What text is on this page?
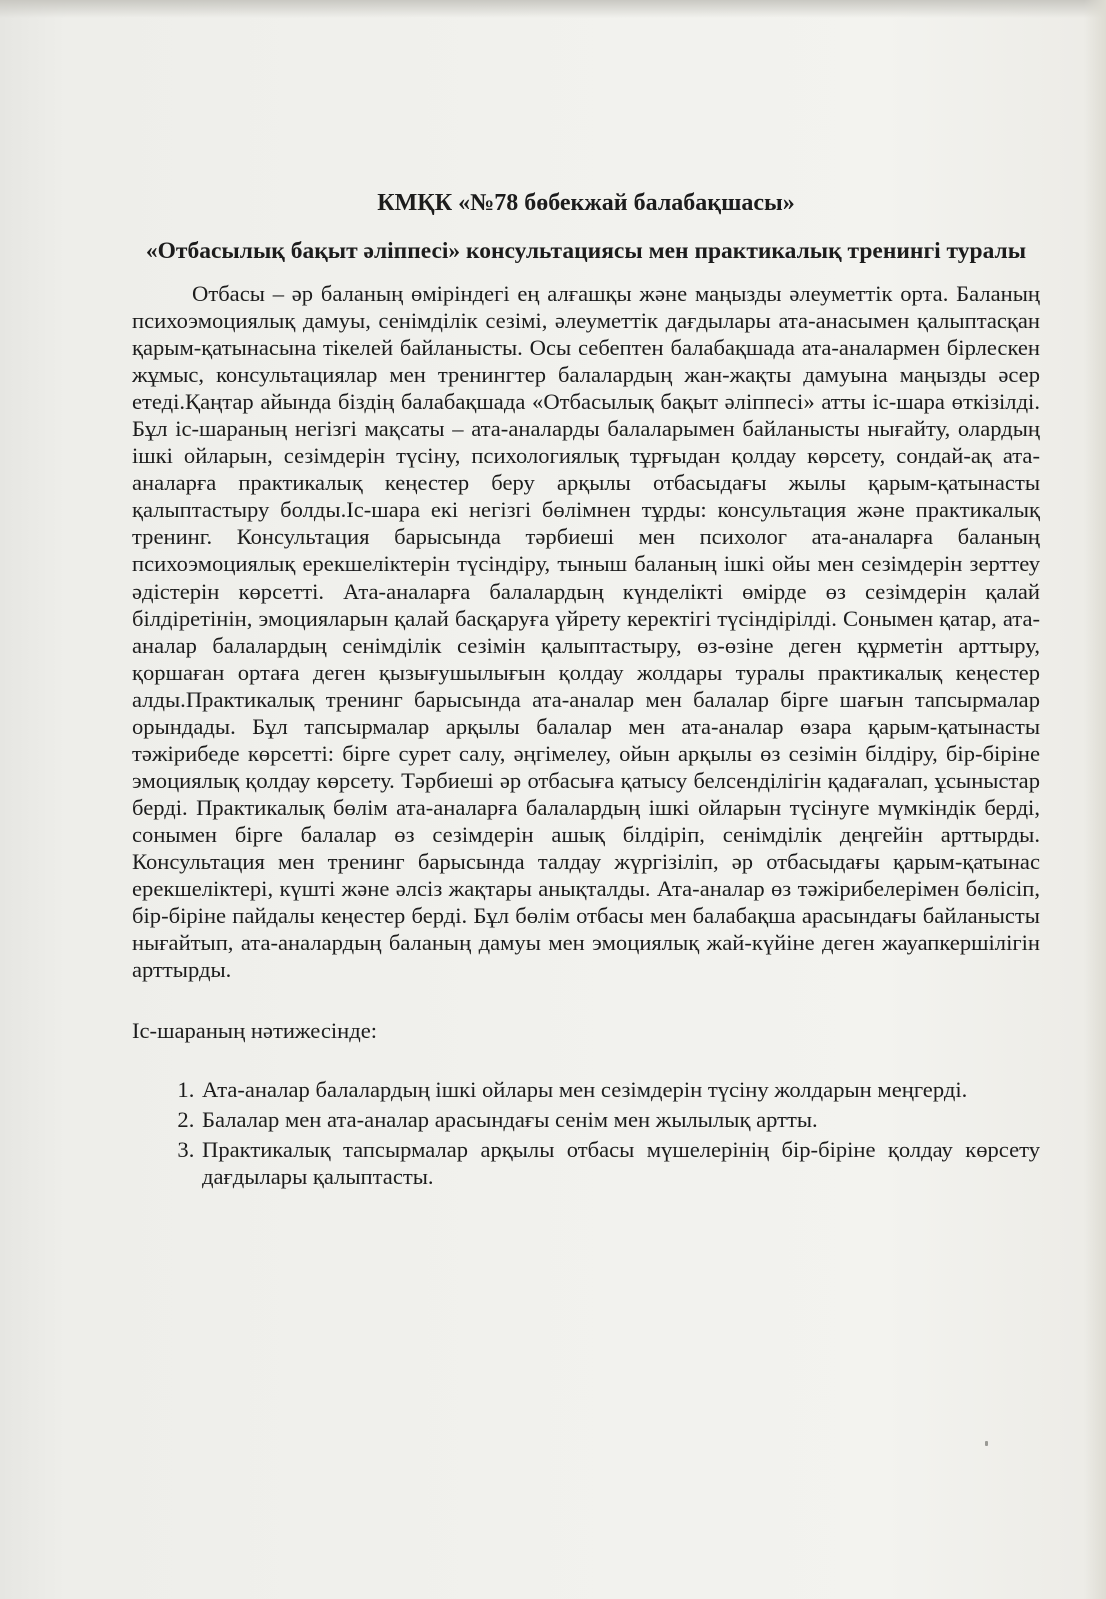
КМҚК «№78 бөбекжай балабақшасы»
«Отбасылық бақыт әліппесі» консультациясы мен практикалық тренингі туралы

Отбасы – әр баланың өміріндегі ең алғашқы және маңызды әлеуметтік орта. Баланың психоэмоциялық дамуы, сенімділік сезімі, әлеуметтік дағдылары ата-анасымен қалыптасқан қарым-қатынасына тікелей байланысты. Осы себептен балабақшада ата-аналармен бірлескен жұмыс, консультациялар мен тренингтер балалардың жан-жақты дамуына маңызды әсер етеді.Қаңтар айында біздің балабақшада «Отбасылық бақыт әліппесі» атты іс-шара өткізілді. Бұл іс-шараның негізгі мақсаты – ата-аналарды балаларымен байланысты нығайту, олардың ішкі ойларын, сезімдерін түсіну, психологиялық тұрғыдан қолдау көрсету, сондай-ақ ата-аналарға практикалық кеңестер беру арқылы отбасыдағы жылы қарым-қатынасты қалыптастыру болды.Іс-шара екі негізгі бөлімнен тұрды: консультация және практикалық тренинг. Консультация барысында тәрбиеші мен психолог ата-аналарға баланың психоэмоциялық ерекшеліктерін түсіндіру, тыныш баланың ішкі ойы мен сезімдерін зерттеу әдістерін көрсетті. Ата-аналарға балалардың күнделікті өмірде өз сезімдерін қалай білдіретінін, эмоцияларын қалай басқаруға үйрету керектігі түсіндірілді. Сонымен қатар, ата-аналар балалардың сенімділік сезімін қалыптастыру, өз-өзіне деген құрметін арттыру, қоршаған ортаға деген қызығушылығын қолдау жолдары туралы практикалық кеңестер алды.Практикалық тренинг барысында ата-аналар мен балалар бірге шағын тапсырмалар орындады. Бұл тапсырмалар арқылы балалар мен ата-аналар өзара қарым-қатынасты тәжірибеде көрсетті: бірге сурет салу, әңгімелеу, ойын арқылы өз сезімін білдіру, бір-біріне эмоциялық қолдау көрсету. Тәрбиеші әр отбасыға қатысу белсенділігін қадағалап, ұсыныстар берді. Практикалық бөлім ата-аналарға балалардың ішкі ойларын түсінуге мүмкіндік берді, сонымен бірге балалар өз сезімдерін ашық білдіріп, сенімділік деңгейін арттырды. Консультация мен тренинг барысында талдау жүргізіліп, әр отбасыдағы қарым-қатынас ерекшеліктері, күшті және әлсіз жақтары анықталды. Ата-аналар өз тәжірибелерімен бөлісіп, бір-біріне пайдалы кеңестер берді. Бұл бөлім отбасы мен балабақша арасындағы байланысты нығайтып, ата-аналардың баланың дамуы мен эмоциялық жай-күйіне деген жауапкершілігін арттырды.

Іс-шараның нәтижесінде:

1. Ата-аналар балалардың ішкі ойлары мен сезімдерін түсіну жолдарын меңгерді.
2. Балалар мен ата-аналар арасындағы сенім мен жылылық артты.
3. Практикалық тапсырмалар арқылы отбасы мүшелерінің бір-біріне қолдау көрсету дағдылары қалыптасты.
